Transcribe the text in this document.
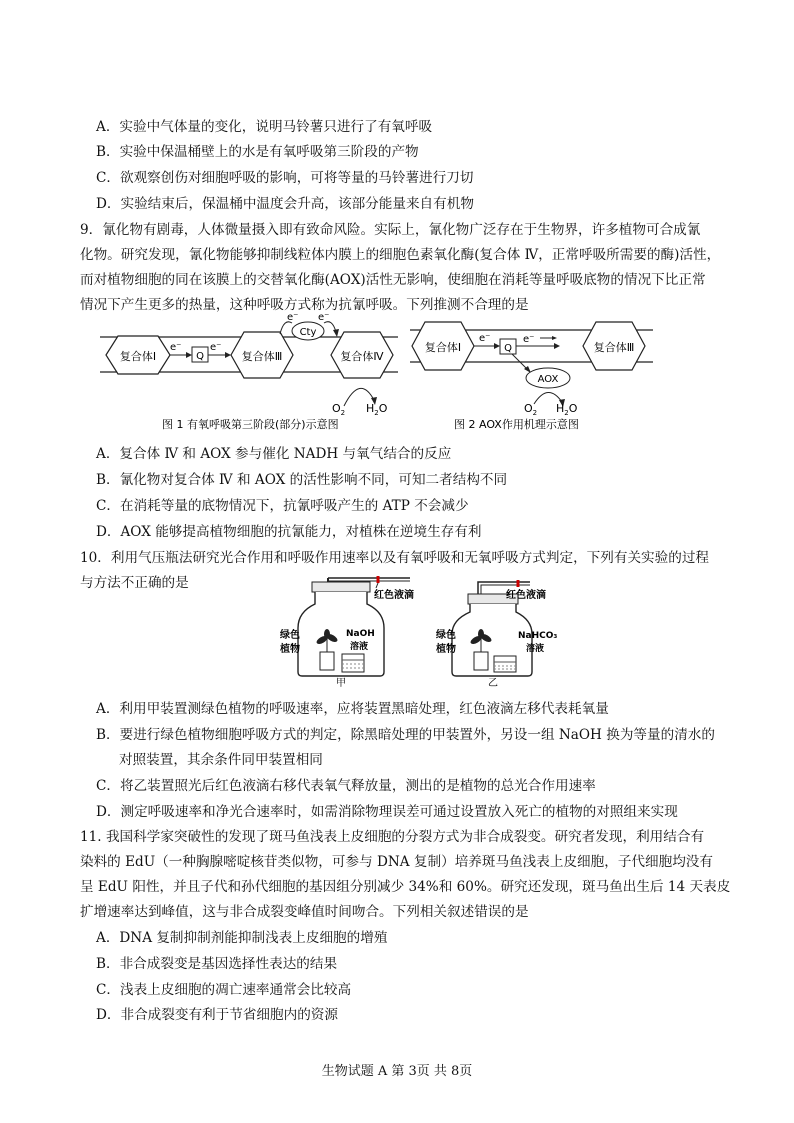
A．实验中气体量的变化，说明马铃薯只进行了有氧呼吸
B．实验中保温桶壁上的水是有氧呼吸第三阶段的产物
C．欲观察创伤对细胞呼吸的影响，可将等量的马铃薯进行刀切
D．实验结束后，保温桶中温度会升高，该部分能量来自有机物
9．氰化物有剧毒，人体微量摄入即有致命风险。实际上，氰化物广泛存在于生物界，许多植物可合成氰
化物。研究发现，氰化物能够抑制线粒体内膜上的细胞色素氧化酶(复合体 Ⅳ，正常呼吸所需要的酶)活性，
而对植物细胞的同在该膜上的交替氧化酶(AOX)活性无影响，使细胞在消耗等量呼吸底物的情况下比正常
情况下产生更多的热量，这种呼吸方式称为抗氰呼吸。下列推测不合理的是
复合体Ⅰ
e⁻
Q
e⁻
复合体Ⅲ
Cty
e⁻ e⁻
复合体Ⅳ
$O_2$ $H_2O$
复合体Ⅰ
e⁻
Q
e⁻
复合体Ⅲ
AOX
$O_2$ $H_2O$
图 1 有氧呼吸第三阶段(部分)示意图	图 2 AOX作用机理示意图
A．复合体 Ⅳ 和 AOX 参与催化 NADH 与氧气结合的反应
B．氰化物对复合体 Ⅳ 和 AOX 的活性影响不同，可知二者结构不同
C．在消耗等量的底物情况下，抗氰呼吸产生的 ATP 不会减少
D．AOX 能够提高植物细胞的抗氰能力，对植株在逆境生存有利
10．利用气压瓶法研究光合作用和呼吸作用速率以及有氧呼吸和无氧呼吸方式判定，下列有关实验的过程
与方法不正确的是
红色液滴
绿色
植物
NaOH
溶液
甲
红色液滴
绿色
植物
NaHCO₃
溶液
乙
A．利用甲装置测绿色植物的呼吸速率，应将装置黑暗处理，红色液滴左移代表耗氧量
B．要进行绿色植物细胞呼吸方式的判定，除黑暗处理的甲装置外，另设一组 NaOH 换为等量的清水的
对照装置，其余条件同甲装置相同
C．将乙装置照光后红色液滴右移代表氧气释放量，测出的是植物的总光合作用速率
D．测定呼吸速率和净光合速率时，如需消除物理误差可通过设置放入死亡的植物的对照组来实现
11. 我国科学家突破性的发现了斑马鱼浅表上皮细胞的分裂方式为非合成裂变。研究者发现，利用结合有
染料的 EdU（一种胸腺嘧啶核苷类似物，可参与 DNA 复制）培养斑马鱼浅表上皮细胞，子代细胞均没有
呈 EdU 阳性，并且子代和孙代细胞的基因组分别减少 34%和 60%。研究还发现，斑马鱼出生后 14 天表皮
扩增速率达到峰值，这与非合成裂变峰值时间吻合。下列相关叙述错误的是
A．DNA 复制抑制剂能抑制浅表上皮细胞的增殖
B．非合成裂变是基因选择性表达的结果
C．浅表上皮细胞的凋亡速率通常会比较高
D．非合成裂变有利于节省细胞内的资源
生物试题 A 第 3页 共 8页
